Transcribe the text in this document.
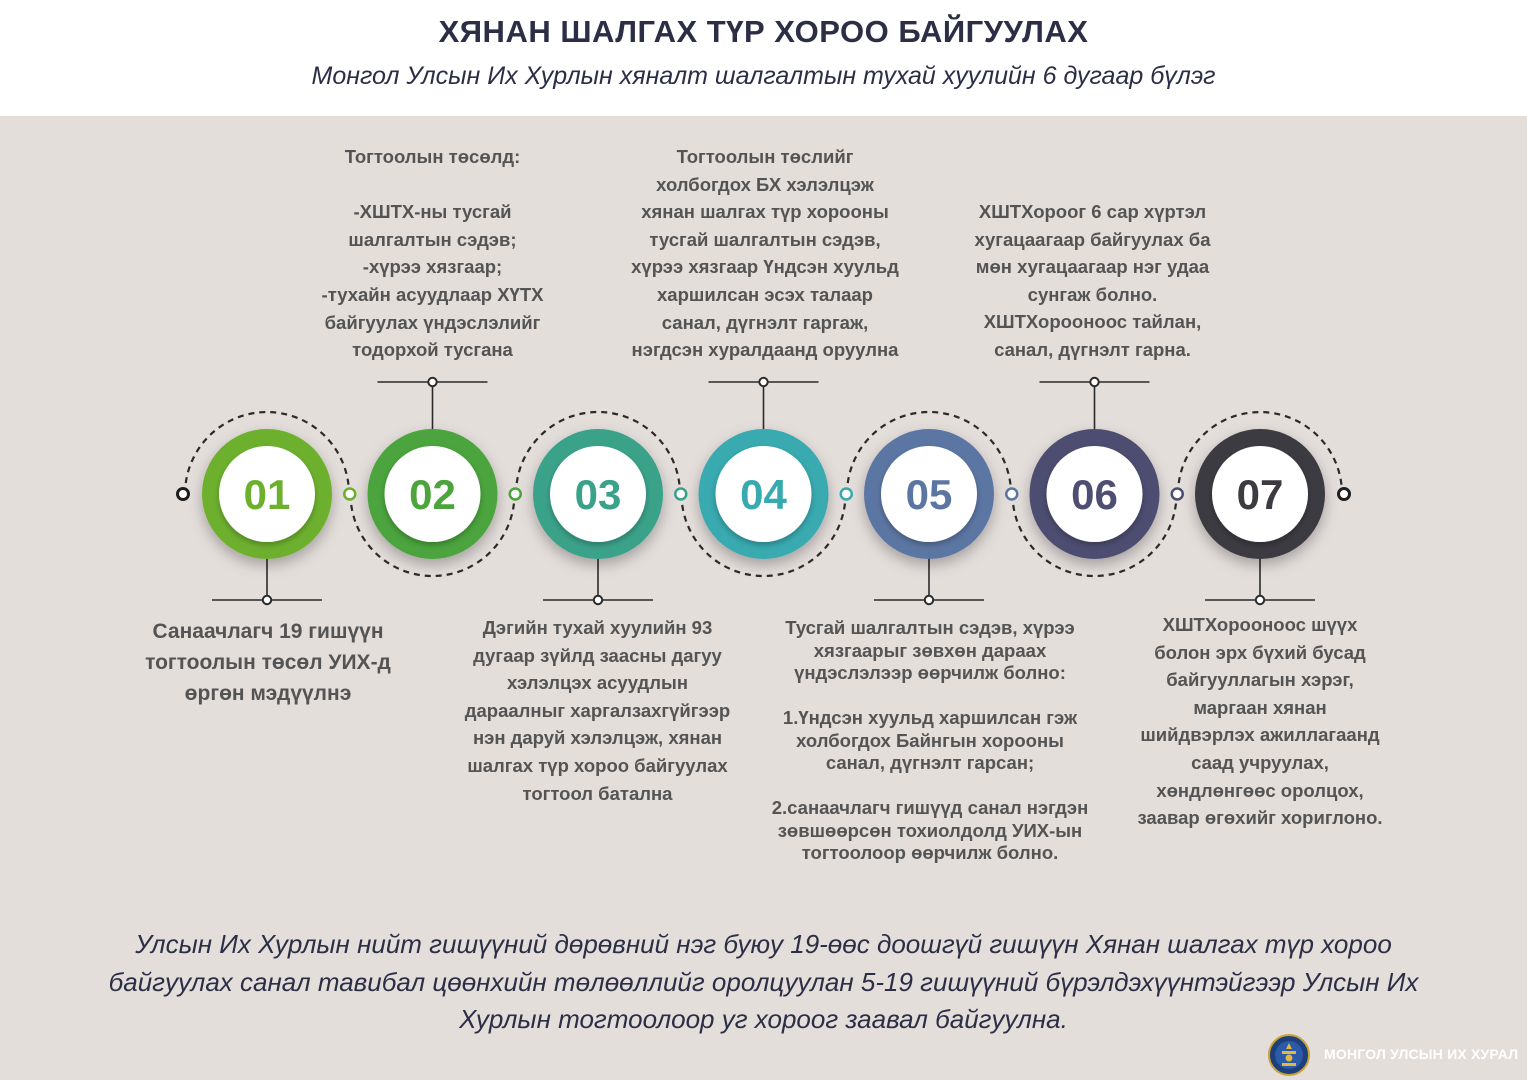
ХЯНАН ШАЛГАХ ТҮР ХОРОО БАЙГУУЛАХ
Монгол Улсын Их Хурлын хяналт шалгалтын тухай хуулийн 6 дугаар бүлэг
01	02	03	04	05	06	07
Тогтоолын төсөлд:

-ХШТХ-ны тусгай
шалгалтын сэдэв;
-хүрээ хязгаар;
-тухайн асуудлаар ХҮТХ
байгуулах үндэслэлийг
тодорхой тусгана
Тогтоолын төслийг
холбогдох БХ хэлэлцэж
хянан шалгах түр хорооны
тусгай шалгалтын сэдэв,
хүрээ хязгаар Үндсэн хуульд
харшилсан эсэх талаар
санал, дүгнэлт гаргаж,
нэгдсэн хуралдаанд оруулна
ХШТХороог 6 сар хүртэл
хугацаагаар байгуулах ба
мөн хугацаагаар нэг удаа
сунгаж болно.
ХШТХорооноос тайлан,
санал, дүгнэлт гарна.
Санаачлагч 19 гишүүн
тогтоолын төсөл УИХ-д
өргөн мэдүүлнэ
Дэгийн тухай хуулийн 93
дугаар зүйлд заасны дагуу
хэлэлцэх асуудлын
дараалныг харгалзахгүйгээр
нэн даруй хэлэлцэж, хянан
шалгах түр хороо байгуулах
тогтоол батална
Тусгай шалгалтын сэдэв, хүрээ
хязгаарыг зөвхөн дараах
үндэслэлээр өөрчилж болно:

1.Үндсэн хуульд харшилсан гэж
холбогдох Байнгын хорооны
санал, дүгнэлт гарсан;

2.санаачлагч гишүүд санал нэгдэн
зөвшөөрсөн тохиолдолд УИХ-ын
тогтоолоор өөрчилж болно.
ХШТХорооноос шүүх
болон эрх бүхий бусад
байгууллагын хэрэг,
маргаан хянан
шийдвэрлэх ажиллагаанд
саад учруулах,
хөндлөнгөөс оролцох,
заавар өгөхийг хориглоно.
Улсын Их Хурлын нийт гишүүний дөрөвний нэг буюу 19-өөс доошгүй гишүүн Хянан шалгах түр хороо байгуулах санал тавибал цөөнхийн төлөөллийг оролцуулан 5-19 гишүүний бүрэлдэхүүнтэйгээр Улсын Их Хурлын тогтоолоор уг хороог заавал байгуулна.
МОНГОЛ УЛСЫН ИХ ХУРАЛ
